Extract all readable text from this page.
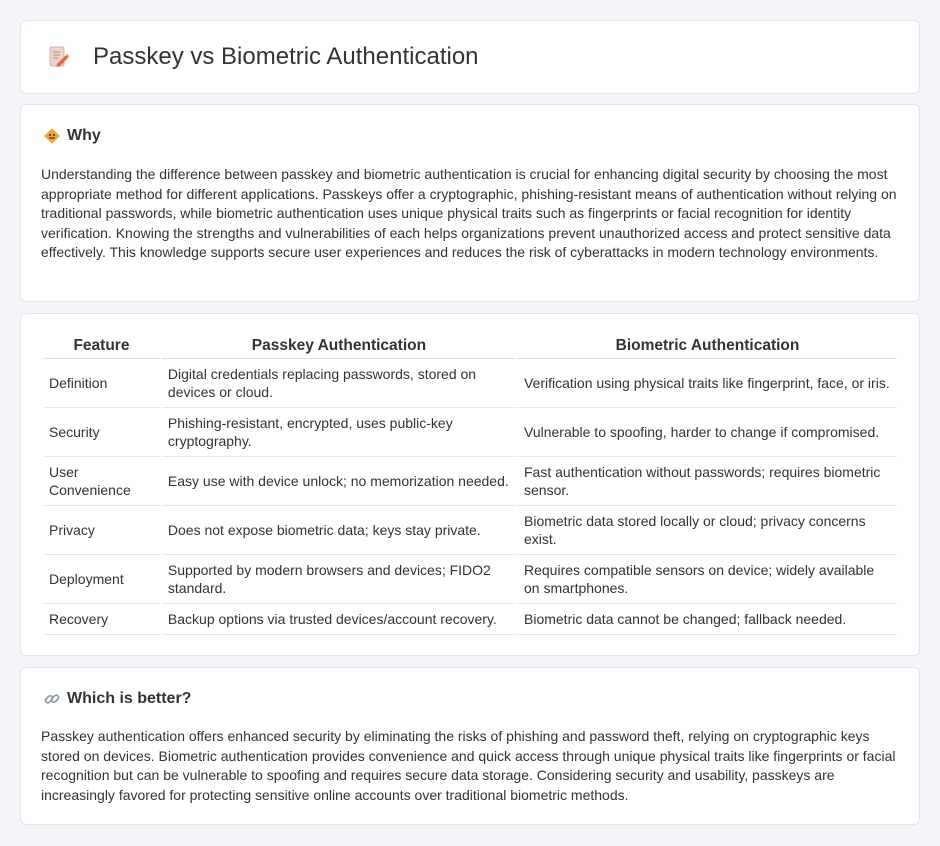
Passkey vs Biometric Authentication
Why

Understanding the difference between passkey and biometric authentication is crucial for enhancing digital security by choosing the most appropriate method for different applications. Passkeys offer a cryptographic, phishing-resistant means of authentication without relying on traditional passwords, while biometric authentication uses unique physical traits such as fingerprints or facial recognition for identity verification. Knowing the strengths and vulnerabilities of each helps organizations prevent unauthorized access and protect sensitive data effectively. This knowledge supports secure user experiences and reduces the risk of cyberattacks in modern technology environments.

Feature	Passkey Authentication	Biometric Authentication
Definition	Digital credentials replacing passwords, stored on devices or cloud.	Verification using physical traits like fingerprint, face, or iris.
Security	Phishing-resistant, encrypted, uses public-key cryptography.	Vulnerable to spoofing, harder to change if compromised.
User Convenience	Easy use with device unlock; no memorization needed.	Fast authentication without passwords; requires biometric sensor.
Privacy	Does not expose biometric data; keys stay private.	Biometric data stored locally or cloud; privacy concerns exist.
Deployment	Supported by modern browsers and devices; FIDO2 standard.	Requires compatible sensors on device; widely available on smartphones.
Recovery	Backup options via trusted devices/account recovery.	Biometric data cannot be changed; fallback needed.
Which is better?

Passkey authentication offers enhanced security by eliminating the risks of phishing and password theft, relying on cryptographic keys stored on devices. Biometric authentication provides convenience and quick access through unique physical traits like fingerprints or facial recognition but can be vulnerable to spoofing and requires secure data storage. Considering security and usability, passkeys are increasingly favored for protecting sensitive online accounts over traditional biometric methods.
